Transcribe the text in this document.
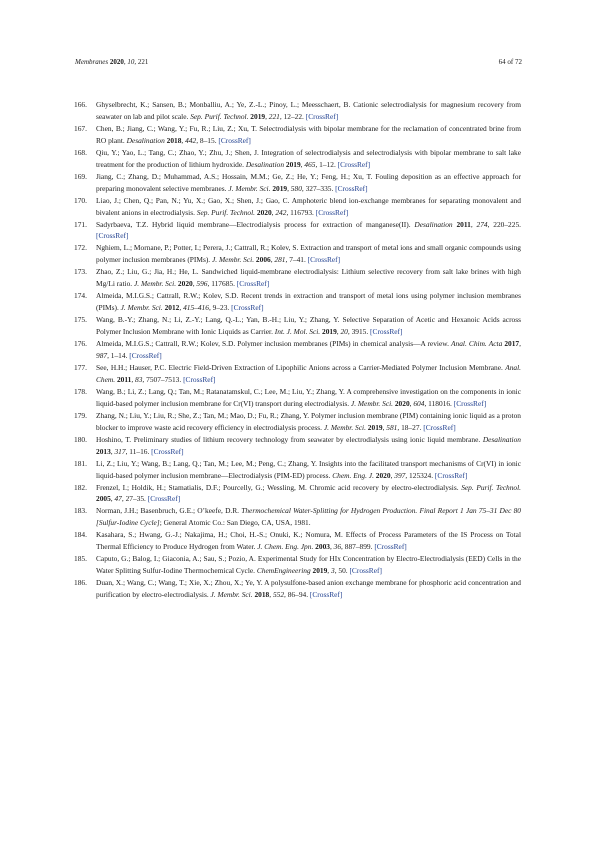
Membranes 2020, 10, 221	64 of 72

166. Ghyselbrecht, K.; Sansen, B.; Monballiu, A.; Ye, Z.-L.; Pinoy, L.; Meesschaert, B. Cationic selectrodialysis for magnesium recovery from seawater on lab and pilot scale. Sep. Purif. Technol. 2019, 221, 12–22. [CrossRef]

167. Chen, B.; Jiang, C.; Wang, Y.; Fu, R.; Liu, Z.; Xu, T. Selectrodialysis with bipolar membrane for the reclamation of concentrated brine from RO plant. Desalination 2018, 442, 8–15. [CrossRef]

168. Qiu, Y.; Yao, L.; Tang, C.; Zhao, Y.; Zhu, J.; Shen, J. Integration of selectrodialysis and selectrodialysis with bipolar membrane to salt lake treatment for the production of lithium hydroxide. Desalination 2019, 465, 1–12. [CrossRef]

169. Jiang, C.; Zhang, D.; Muhammad, A.S.; Hossain, M.M.; Ge, Z.; He, Y.; Feng, H.; Xu, T. Fouling deposition as an effective approach for preparing monovalent selective membranes. J. Membr. Sci. 2019, 580, 327–335. [CrossRef]

170. Liao, J.; Chen, Q.; Pan, N.; Yu, X.; Gao, X.; Shen, J.; Gao, C. Amphoteric blend ion-exchange membranes for separating monovalent and bivalent anions in electrodialysis. Sep. Purif. Technol. 2020, 242, 116793. [CrossRef]

171. Sadyrbaeva, T.Z. Hybrid liquid membrane—Electrodialysis process for extraction of manganese(II). Desalination 2011, 274, 220–225. [CrossRef]

172. Nghiem, L.; Mornane, P.; Potter, I.; Perera, J.; Cattrall, R.; Kolev, S. Extraction and transport of metal ions and small organic compounds using polymer inclusion membranes (PIMs). J. Membr. Sci. 2006, 281, 7–41. [CrossRef]

173. Zhao, Z.; Liu, G.; Jia, H.; He, L. Sandwiched liquid-membrane electrodialysis: Lithium selective recovery from salt lake brines with high Mg/Li ratio. J. Membr. Sci. 2020, 596, 117685. [CrossRef]

174. Almeida, M.I.G.S.; Cattrall, R.W.; Kolev, S.D. Recent trends in extraction and transport of metal ions using polymer inclusion membranes (PIMs). J. Membr. Sci. 2012, 415–416, 9–23. [CrossRef]

175. Wang, B.-Y.; Zhang, N.; Li, Z.-Y.; Lang, Q.-L.; Yan, B.-H.; Liu, Y.; Zhang, Y. Selective Separation of Acetic and Hexanoic Acids across Polymer Inclusion Membrane with Ionic Liquids as Carrier. Int. J. Mol. Sci. 2019, 20, 3915. [CrossRef]

176. Almeida, M.I.G.S.; Cattrall, R.W.; Kolev, S.D. Polymer inclusion membranes (PIMs) in chemical analysis—A review. Anal. Chim. Acta 2017, 987, 1–14. [CrossRef]

177. See, H.H.; Hauser, P.C. Electric Field-Driven Extraction of Lipophilic Anions across a Carrier-Mediated Polymer Inclusion Membrane. Anal. Chem. 2011, 83, 7507–7513. [CrossRef]

178. Wang, B.; Li, Z.; Lang, Q.; Tan, M.; Ratanatamskul, C.; Lee, M.; Liu, Y.; Zhang, Y. A comprehensive investigation on the components in ionic liquid-based polymer inclusion membrane for Cr(VI) transport during electrodialysis. J. Membr. Sci. 2020, 604, 118016. [CrossRef]

179. Zhang, N.; Liu, Y.; Liu, R.; She, Z.; Tan, M.; Mao, D.; Fu, R.; Zhang, Y. Polymer inclusion membrane (PIM) containing ionic liquid as a proton blocker to improve waste acid recovery efficiency in electrodialysis process. J. Membr. Sci. 2019, 581, 18–27. [CrossRef]

180. Hoshino, T. Preliminary studies of lithium recovery technology from seawater by electrodialysis using ionic liquid membrane. Desalination 2013, 317, 11–16. [CrossRef]

181. Li, Z.; Liu, Y.; Wang, B.; Lang, Q.; Tan, M.; Lee, M.; Peng, C.; Zhang, Y. Insights into the facilitated transport mechanisms of Cr(VI) in ionic liquid-based polymer inclusion membrane—Electrodialysis (PIM-ED) process. Chem. Eng. J. 2020, 397, 125324. [CrossRef]

182. Frenzel, I.; Holdik, H.; Stamatialis, D.F.; Pourcelly, G.; Wessling, M. Chromic acid recovery by electro-electrodialysis. Sep. Purif. Technol. 2005, 47, 27–35. [CrossRef]

183. Norman, J.H.; Basenbruch, G.E.; O’keefe, D.R. Thermochemical Water-Splitting for Hydrogen Production. Final Report 1 Jan 75–31 Dec 80 [Sulfur-Iodine Cycle]; General Atomic Co.: San Diego, CA, USA, 1981.

184. Kasahara, S.; Hwang, G.-J.; Nakajima, H.; Choi, H.-S.; Onuki, K.; Nomura, M. Effects of Process Parameters of the IS Process on Total Thermal Efficiency to Produce Hydrogen from Water. J. Chem. Eng. Jpn. 2003, 36, 887–899. [CrossRef]

185. Caputo, G.; Balog, I.; Giaconia, A.; Sau, S.; Pozio, A. Experimental Study for HIx Concentration by Electro-Electrodialysis (EED) Cells in the Water Splitting Sulfur-Iodine Thermochemical Cycle. ChemEngineering 2019, 3, 50. [CrossRef]

186. Duan, X.; Wang, C.; Wang, T.; Xie, X.; Zhou, X.; Ye, Y. A polysulfone-based anion exchange membrane for phosphoric acid concentration and purification by electro-electrodialysis. J. Membr. Sci. 2018, 552, 86–94. [CrossRef]
